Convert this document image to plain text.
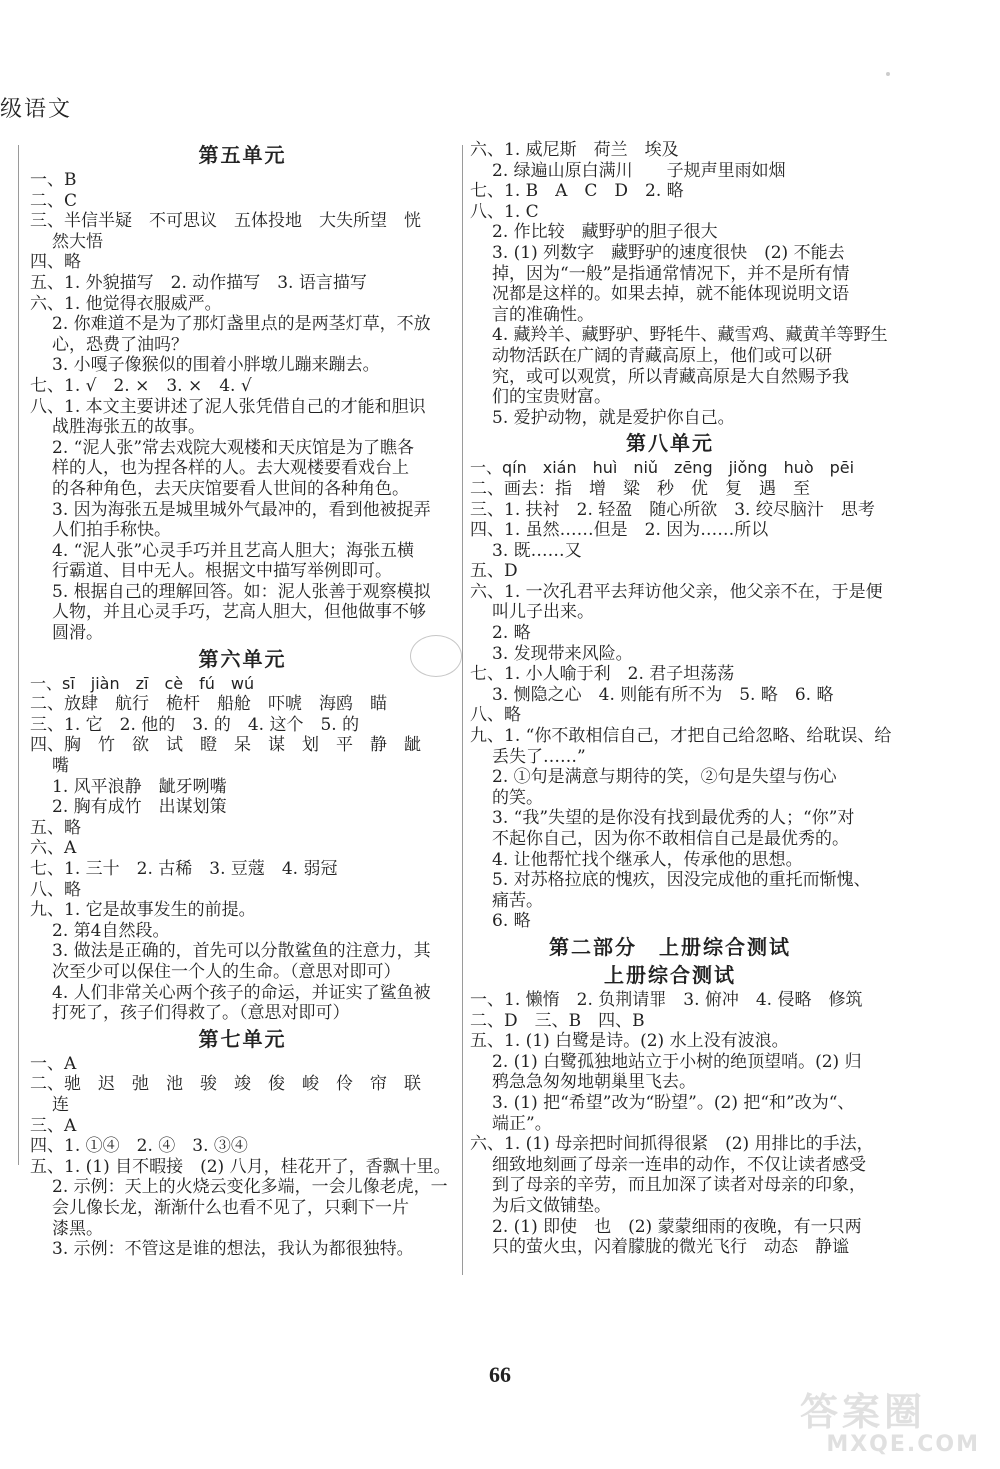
级语文
第五单元
一、B
二、C
三、半信半疑　不可思议　五体投地　大失所望　恍
然大悟
四、略
五、1. 外貌描写　2. 动作描写　3. 语言描写
六、1. 他觉得衣服威严。
2. 你难道不是为了那灯盏里点的是两茎灯草，不放
心，恐费了油吗？
3. 小嘎子像猴似的围着小胖墩儿蹦来蹦去。
七、1. √　2. ×　3. ×　4. √
八、1. 本文主要讲述了泥人张凭借自己的才能和胆识
战胜海张五的故事。
2. “泥人张”常去戏院大观楼和天庆馆是为了瞧各
样的人，也为捏各样的人。去大观楼要看戏台上
的各种角色，去天庆馆要看人世间的各种角色。
3. 因为海张五是城里城外气最冲的，看到他被捉弄
人们拍手称快。
4. “泥人张”心灵手巧并且艺高人胆大；海张五横
行霸道、目中无人。根据文中描写举例即可。
5. 根据自己的理解回答。如：泥人张善于观察模拟
人物，并且心灵手巧，艺高人胆大，但他做事不够
圆滑。
第六单元
一、sī　jiàn　zī　cè　fú　wú
二、放肆　航行　桅杆　船舱　吓唬　海鸥　瞄
三、1. 它　2. 他的　3. 的　4. 这个　5. 的
四、胸　竹　欲　试　瞪　呆　谋　划　平　静　龇
嘴
1. 风平浪静　龇牙咧嘴
2. 胸有成竹　出谋划策
五、略
六、A
七、1. 三十　2. 古稀　3. 豆蔻　4. 弱冠
八、略
九、1. 它是故事发生的前提。
2. 第4自然段。
3. 做法是正确的，首先可以分散鲨鱼的注意力，其
次至少可以保住一个人的生命。（意思对即可）
4. 人们非常关心两个孩子的命运，并证实了鲨鱼被
打死了，孩子们得救了。（意思对即可）
第七单元
一、A
二、驰　迟　弛　池　骏　竣　俊　峻　伶　帘　联
连
三、A
四、1. ①④　2. ④　3. ③④
五、1. (1) 目不暇接　(2) 八月，桂花开了，香飘十里。
2. 示例：天上的火烧云变化多端，一会儿像老虎，一
会儿像长龙，渐渐什么也看不见了，只剩下一片
漆黑。
3. 示例：不管这是谁的想法，我认为都很独特。
六、1. 威尼斯　荷兰　埃及
2. 绿遍山原白满川　　子规声里雨如烟
七、1. B　A　C　D　2. 略
八、1. C
2. 作比较　藏野驴的胆子很大
3. (1) 列数字　藏野驴的速度很快　(2) 不能去
掉，因为“一般”是指通常情况下，并不是所有情
况都是这样的。如果去掉，就不能体现说明文语
言的准确性。
4. 藏羚羊、藏野驴、野牦牛、藏雪鸡、藏黄羊等野生
动物活跃在广阔的青藏高原上，他们或可以研
究，或可以观赏，所以青藏高原是大自然赐予我
们的宝贵财富。
5. 爱护动物，就是爱护你自己。
第八单元
一、qín　xián　huì　niǔ　zēng　jiǒng　huò　pēi
二、画去：指　增　粱　秒　优　复　遇　至
三、1. 扶衬　2. 轻盈　随心所欲　3. 绞尽脑汁　思考
四、1. 虽然……但是　2. 因为……所以
3. 既……又
五、D
六、1. 一次孔君平去拜访他父亲，他父亲不在，于是便
叫儿子出来。
2. 略
3. 发现带来风险。
七、1. 小人喻于利　2. 君子坦荡荡
3. 恻隐之心　4. 则能有所不为　5. 略　6. 略
八、略
九、1. “你不敢相信自己，才把自己给忽略、给耽误、给
丢失了……”
2. ①句是满意与期待的笑，②句是失望与伤心
的笑。
3. “我”失望的是你没有找到最优秀的人；“你”对
不起你自己，因为你不敢相信自己是最优秀的。
4. 让他帮忙找个继承人，传承他的思想。
5. 对苏格拉底的愧疚，因没完成他的重托而惭愧、
痛苦。
6. 略
第二部分　上册综合测试
上册综合测试
一、1. 懒惰　2. 负荆请罪　3. 俯冲　4. 侵略　修筑
二、D　三、B　四、B
五、1. (1) 白鹭是诗。(2) 水上没有波浪。
2. (1) 白鹭孤独地站立于小树的绝顶望哨。(2) 归
鸦急急匆匆地朝巢里飞去。
3. (1) 把“希望”改为“盼望”。(2) 把“和”改为“、
端正”。
六、1. (1) 母亲把时间抓得很紧　(2) 用排比的手法，
细致地刻画了母亲一连串的动作，不仅让读者感受
到了母亲的辛劳，而且加深了读者对母亲的印象，
为后文做铺垫。
2. (1) 即使　也　(2) 蒙蒙细雨的夜晚，有一只两
只的萤火虫，闪着朦胧的微光飞行　动态　静谧
66
答案圈
MXQE.COM
